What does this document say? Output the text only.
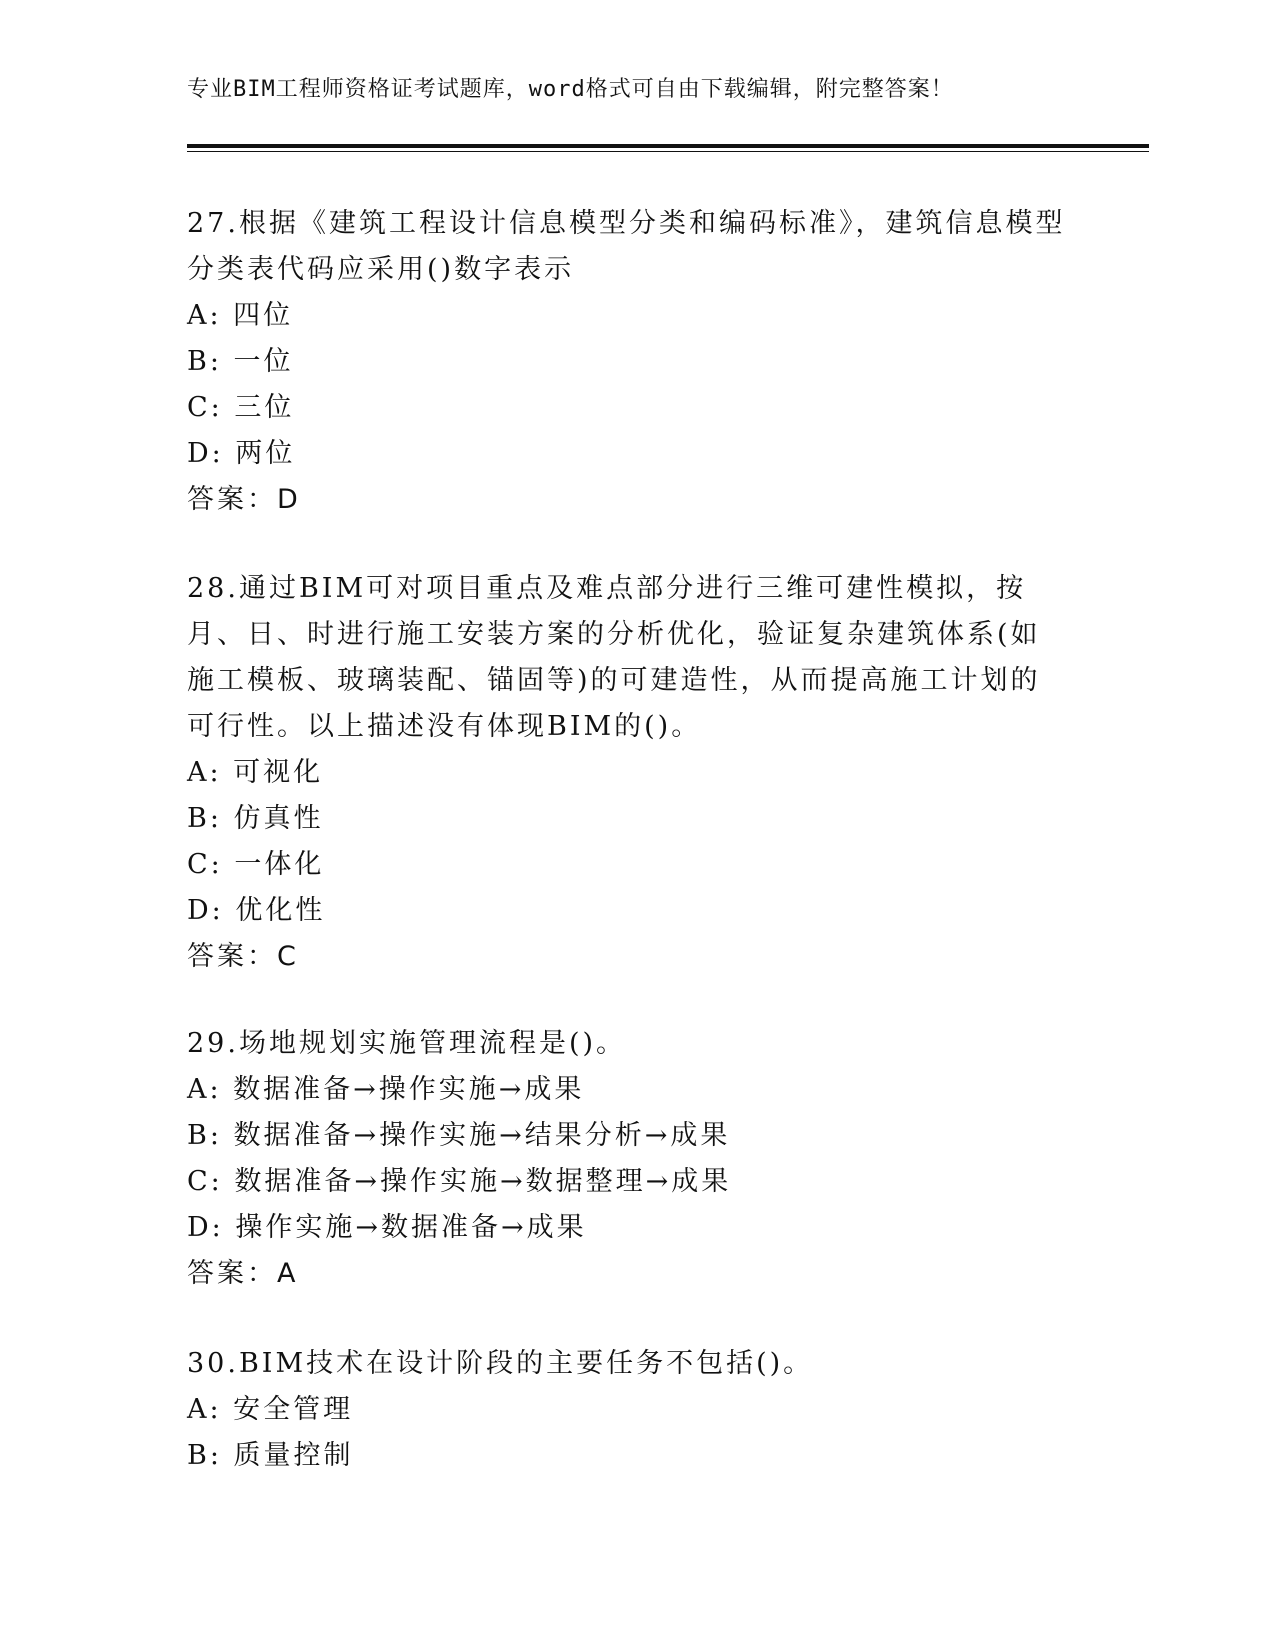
专业BIM工程师资格证考试题库，word格式可自由下载编辑，附完整答案！
27.根据《建筑工程设计信息模型分类和编码标准》，建筑信息模型分类表代码应采用()数字表示
A: 四位
B: 一位
C: 三位
D: 两位
答案：D
28.通过BIM可对项目重点及难点部分进行三维可建性模拟，按月、日、时进行施工安装方案的分析优化，验证复杂建筑体系(如施工模板、玻璃装配、锚固等)的可建造性，从而提高施工计划的可行性。以上描述没有体现BIM的()。
A: 可视化
B: 仿真性
C: 一体化
D: 优化性
答案：C
29.场地规划实施管理流程是()。
A: 数据准备→操作实施→成果
B: 数据准备→操作实施→结果分析→成果
C: 数据准备→操作实施→数据整理→成果
D: 操作实施→数据准备→成果
答案：A
30.BIM技术在设计阶段的主要任务不包括()。
A: 安全管理
B: 质量控制
